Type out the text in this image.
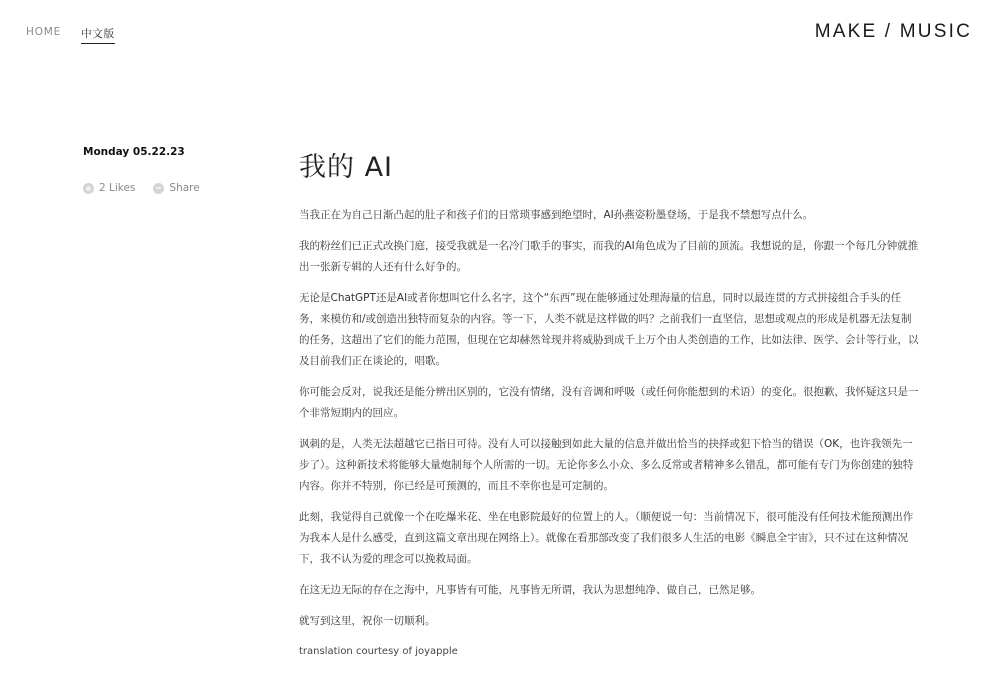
HOME 中文版	MAKE / MUSIC
Monday 05.22.23
2 Likes	Share
我的 AI

当我正在为自己日渐凸起的肚子和孩子们的日常琐事感到绝望时，AI孙燕姿粉墨登场，于是我不禁想写点什么。

我的粉丝们已正式改换门庭，接受我就是一名冷门歌手的事实，而我的AI角色成为了目前的顶流。我想说的是，你跟一个每几分钟就推出一张新专辑的人还有什么好争的。

无论是ChatGPT还是AI或者你想叫它什么名字，这个“东西”现在能够通过处理海量的信息，同时以最连贯的方式拼接组合手头的任务，来模仿和/或创造出独特而复杂的内容。等一下，人类不就是这样做的吗？之前我们一直坚信，思想或观点的形成是机器无法复制的任务，这超出了它们的能力范围，但现在它却赫然耸现并将威胁到成千上万个由人类创造的工作，比如法律、医学、会计等行业，以及目前我们正在谈论的，唱歌。

你可能会反对，说我还是能分辨出区别的，它没有情绪，没有音调和呼吸（或任何你能想到的术语）的变化。很抱歉，我怀疑这只是一个非常短期内的回应。

讽刺的是，人类无法超越它已指日可待。没有人可以接触到如此大量的信息并做出恰当的抉择或犯下恰当的错误（OK，也许我领先一步了）。这种新技术将能够大量炮制每个人所需的一切。无论你多么小众、多么反常或者精神多么错乱，都可能有专门为你创建的独特内容。你并不特别，你已经是可预测的，而且不幸你也是可定制的。

此刻，我觉得自己就像一个在吃爆米花、坐在电影院最好的位置上的人。（顺便说一句：当前情况下，很可能没有任何技术能预测出作为我本人是什么感受，直到这篇文章出现在网络上）。就像在看那部改变了我们很多人生活的电影《瞬息全宇宙》，只不过在这种情况下，我不认为爱的理念可以挽救局面。

在这无边无际的存在之海中，凡事皆有可能，凡事皆无所谓，我认为思想纯净、做自己，已然足够。

就写到这里，祝你一切顺利。

translation courtesy of joyapple
